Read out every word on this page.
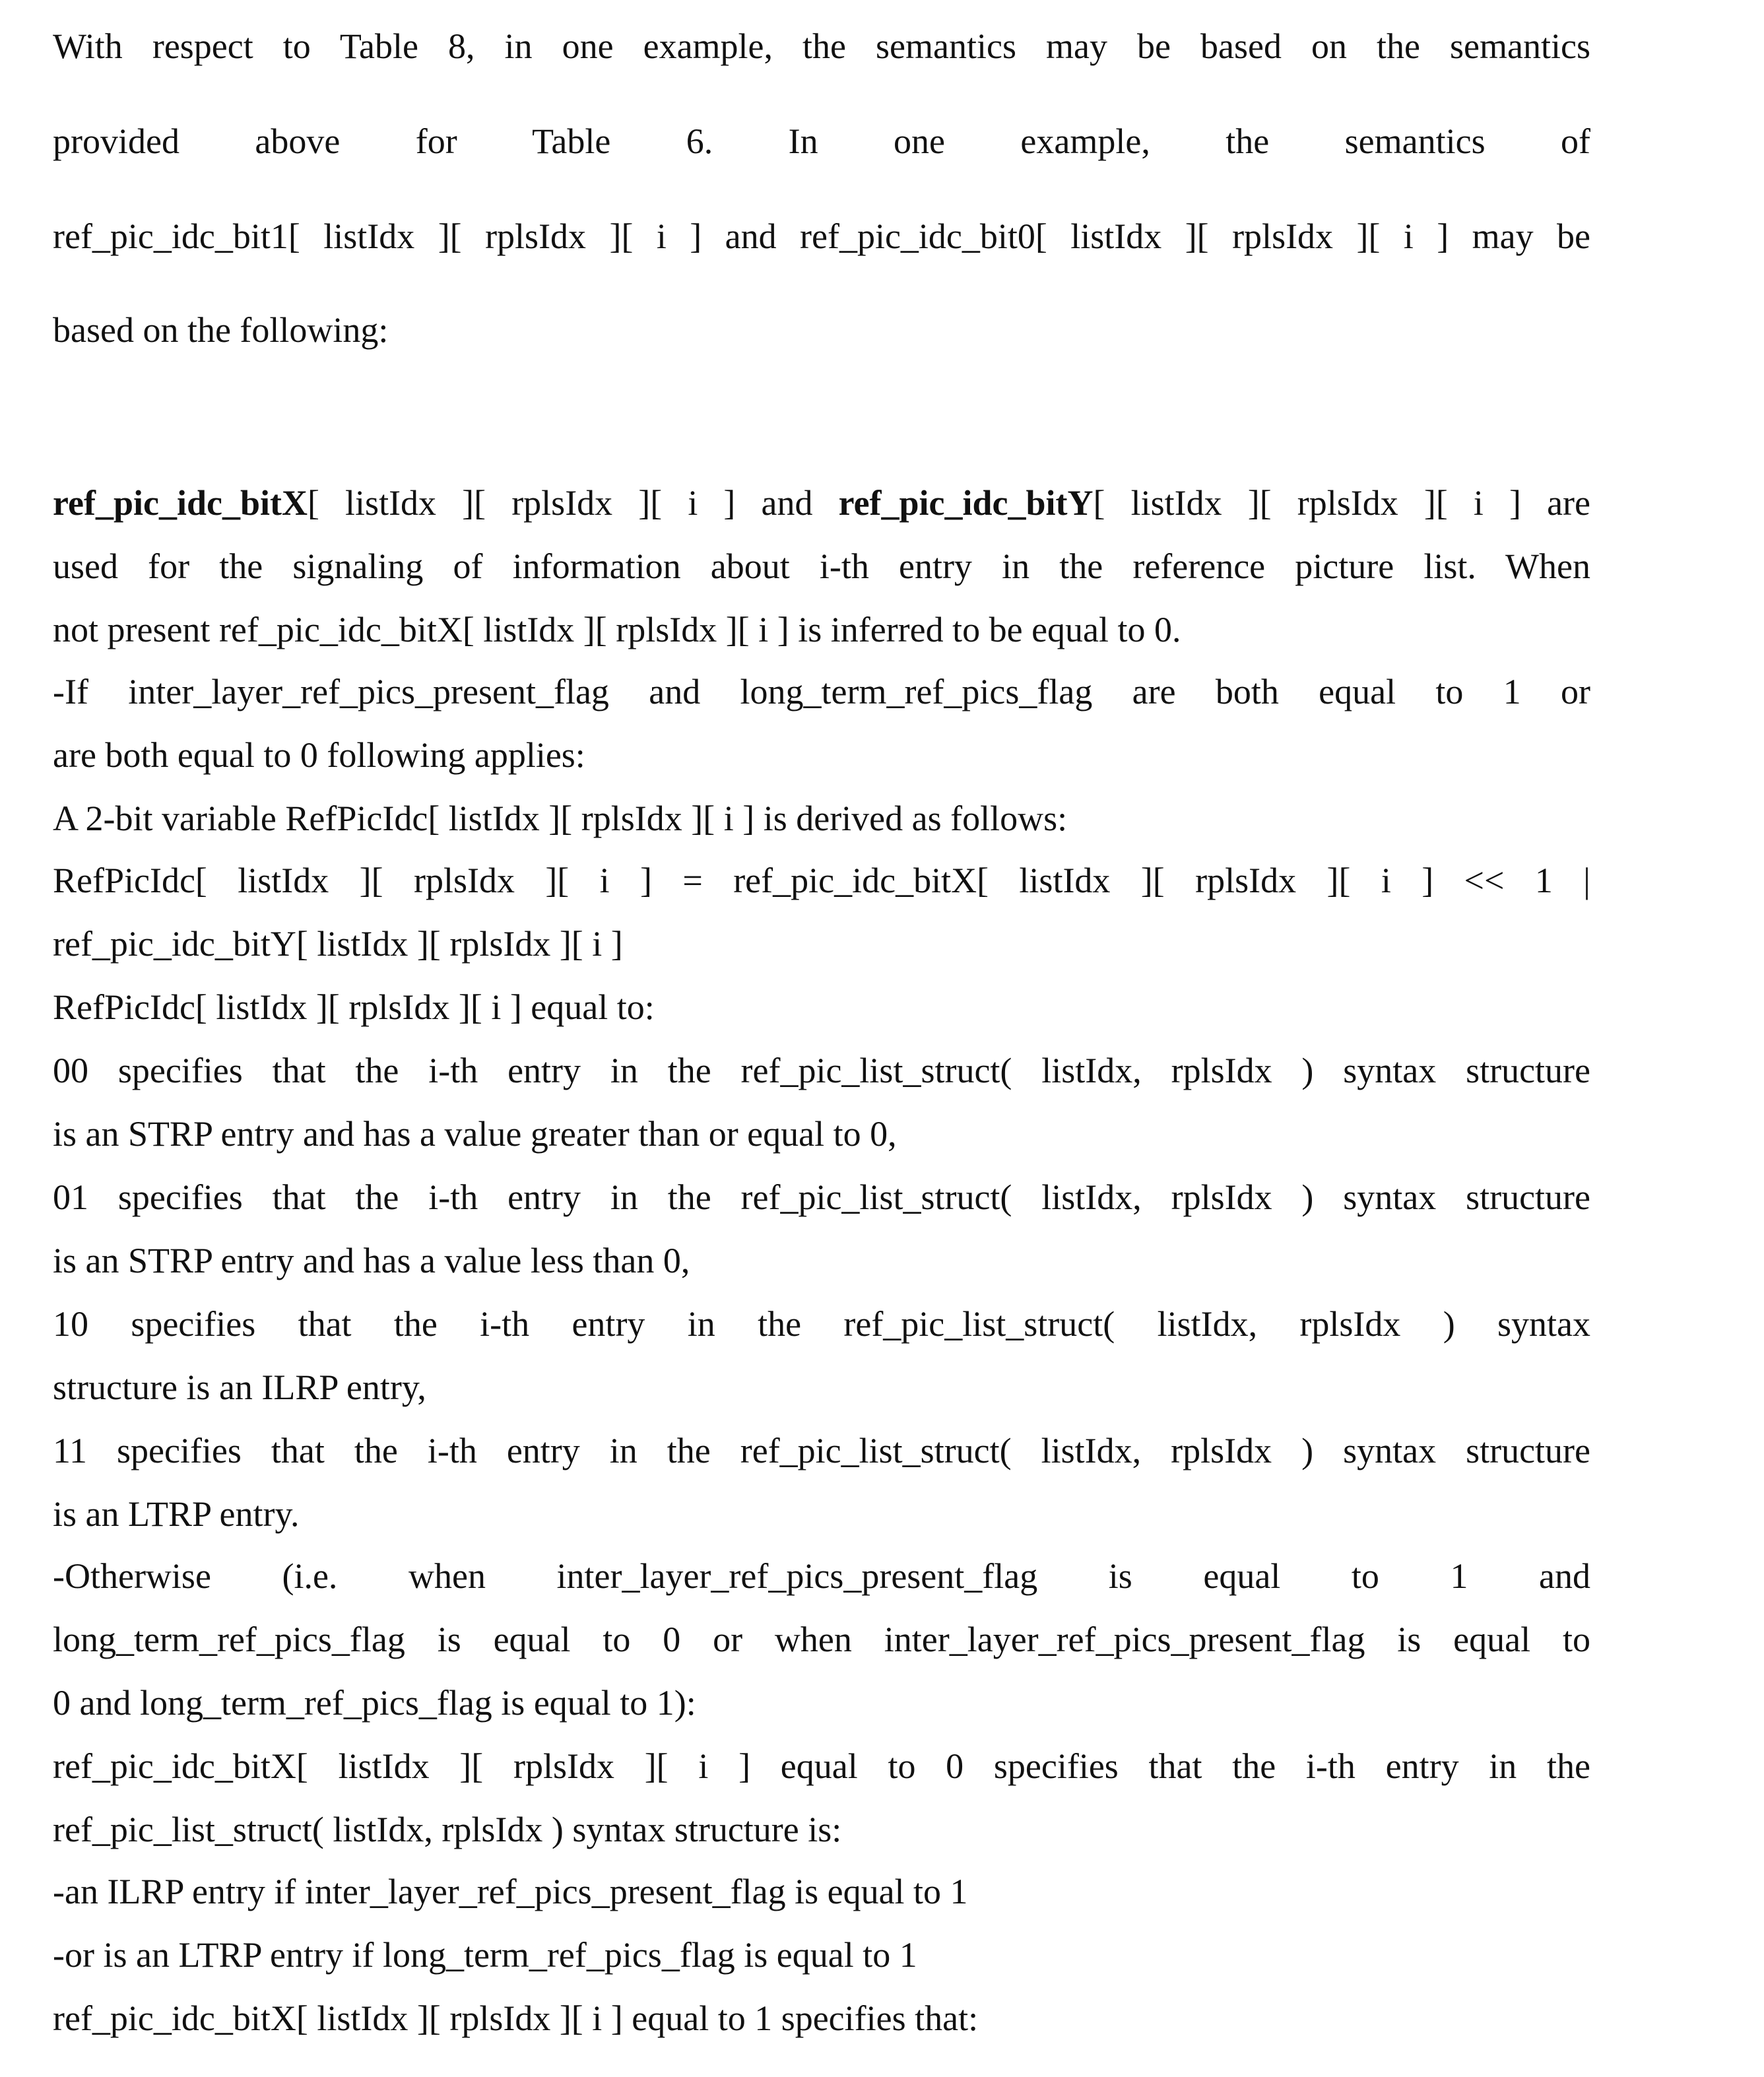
With respect to Table 8, in one example, the semantics may be based on the semantics
provided above for Table 6. In one example, the semantics of
ref_pic_idc_bit1[ listIdx ][ rplsIdx ][ i ] and ref_pic_idc_bit0[ listIdx ][ rplsIdx ][ i ] may be
based on the following:
ref_pic_idc_bitX[ listIdx ][ rplsIdx ][ i ] and ref_pic_idc_bitY[ listIdx ][ rplsIdx ][ i ] are
used for the signaling of information about i-th entry in the reference picture list. When
not present ref_pic_idc_bitX[ listIdx ][ rplsIdx ][ i ] is inferred to be equal to 0.
-If inter_layer_ref_pics_present_flag and long_term_ref_pics_flag are both equal to 1 or
are both equal to 0 following applies:
A 2-bit variable RefPicIdc[ listIdx ][ rplsIdx ][ i ] is derived as follows:
RefPicIdc[ listIdx ][ rplsIdx ][ i ] = ref_pic_idc_bitX[ listIdx ][ rplsIdx ][ i ] << 1 |
ref_pic_idc_bitY[ listIdx ][ rplsIdx ][ i ]
RefPicIdc[ listIdx ][ rplsIdx ][ i ] equal to:
00 specifies that the i-th entry in the ref_pic_list_struct( listIdx, rplsIdx ) syntax structure
is an STRP entry and has a value greater than or equal to 0,
01 specifies that the i-th entry in the ref_pic_list_struct( listIdx, rplsIdx ) syntax structure
is an STRP entry and has a value less than 0,
10 specifies that the i-th entry in the ref_pic_list_struct( listIdx, rplsIdx ) syntax
structure is an ILRP entry,
11 specifies that the i-th entry in the ref_pic_list_struct( listIdx, rplsIdx ) syntax structure
is an LTRP entry.
-Otherwise (i.e. when inter_layer_ref_pics_present_flag is equal to 1 and
long_term_ref_pics_flag is equal to 0 or when inter_layer_ref_pics_present_flag is equal to
0 and long_term_ref_pics_flag is equal to 1):
ref_pic_idc_bitX[ listIdx ][ rplsIdx ][ i ] equal to 0 specifies that the i-th entry in the
ref_pic_list_struct( listIdx, rplsIdx ) syntax structure is:
-an ILRP entry if inter_layer_ref_pics_present_flag is equal to 1
-or is an LTRP entry if long_term_ref_pics_flag is equal to 1
ref_pic_idc_bitX[ listIdx ][ rplsIdx ][ i ] equal to 1 specifies that:
